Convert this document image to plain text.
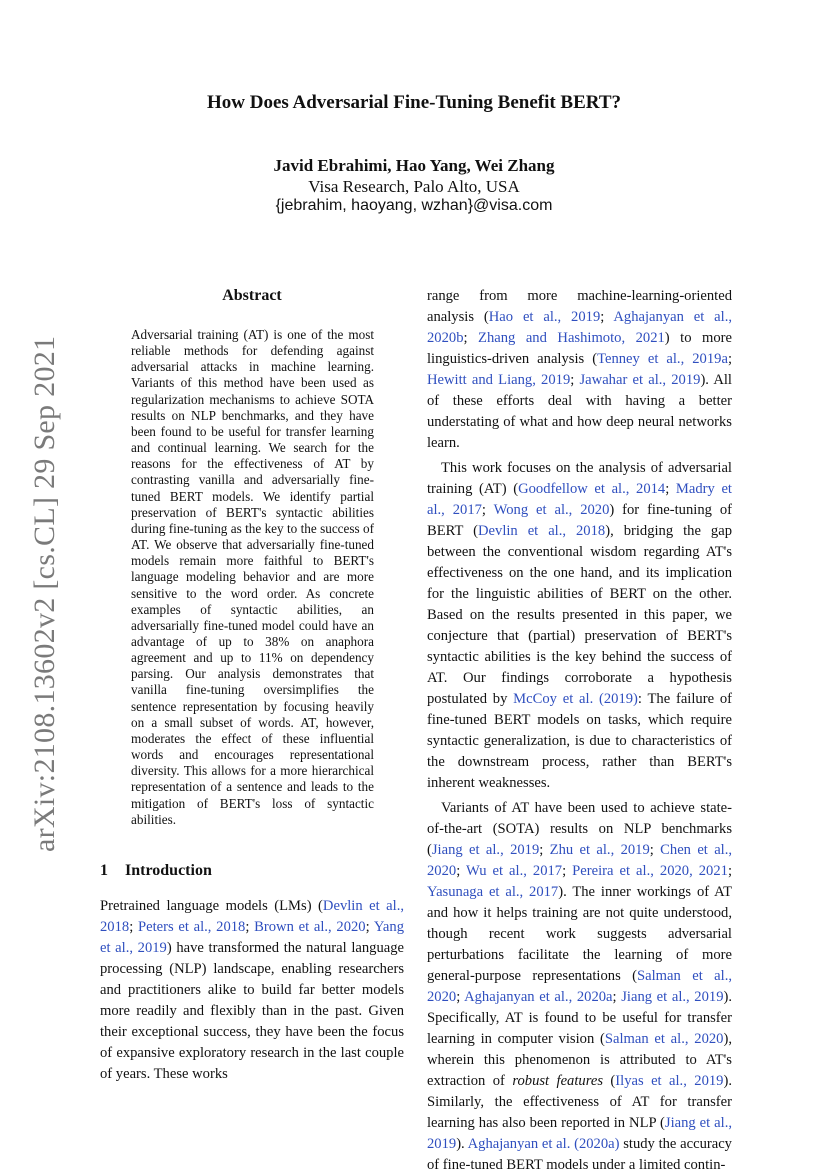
How Does Adversarial Fine-Tuning Benefit BERT?
Javid Ebrahimi, Hao Yang, Wei Zhang
Visa Research, Palo Alto, USA
{jebrahim, haoyang, wzhan}@visa.com
arXiv:2108.13602v2 [cs.CL] 29 Sep 2021
Abstract

Adversarial training (AT) is one of the most reliable methods for defending against adversarial attacks in machine learning. Variants of this method have been used as regularization mechanisms to achieve SOTA results on NLP benchmarks, and they have been found to be useful for transfer learning and continual learning. We search for the reasons for the effectiveness of AT by contrasting vanilla and adversarially fine-tuned BERT models. We identify partial preservation of BERT's syntactic abilities during fine-tuning as the key to the success of AT. We observe that adversarially fine-tuned models remain more faithful to BERT's language modeling behavior and are more sensitive to the word order. As concrete examples of syntactic abilities, an adversarially fine-tuned model could have an advantage of up to 38% on anaphora agreement and up to 11% on dependency parsing. Our analysis demonstrates that vanilla fine-tuning oversimplifies the sentence representation by focusing heavily on a small subset of words. AT, however, moderates the effect of these influential words and encourages representational diversity. This allows for a more hierarchical representation of a sentence and leads to the mitigation of BERT's loss of syntactic abilities.

1 Introduction

Pretrained language models (LMs) (Devlin et al., 2018; Peters et al., 2018; Brown et al., 2020; Yang et al., 2019) have transformed the natural language processing (NLP) landscape, enabling researchers and practitioners alike to build far better models more readily and flexibly than in the past. Given their exceptional success, they have been the focus of expansive exploratory research in the last couple of years. These works

range from more machine-learning-oriented analysis (Hao et al., 2019; Aghajanyan et al., 2020b; Zhang and Hashimoto, 2021) to more linguistics-driven analysis (Tenney et al., 2019a; Hewitt and Liang, 2019; Jawahar et al., 2019). All of these efforts deal with having a better understating of what and how deep neural networks learn.

This work focuses on the analysis of adversarial training (AT) (Goodfellow et al., 2014; Madry et al., 2017; Wong et al., 2020) for fine-tuning of BERT (Devlin et al., 2018), bridging the gap between the conventional wisdom regarding AT's effectiveness on the one hand, and its implication for the linguistic abilities of BERT on the other. Based on the results presented in this paper, we conjecture that (partial) preservation of BERT's syntactic abilities is the key behind the success of AT. Our findings corroborate a hypothesis postulated by McCoy et al. (2019): The failure of fine-tuned BERT models on tasks, which require syntactic generalization, is due to characteristics of the downstream process, rather than BERT's inherent weaknesses.

Variants of AT have been used to achieve state-of-the-art (SOTA) results on NLP benchmarks (Jiang et al., 2019; Zhu et al., 2019; Chen et al., 2020; Wu et al., 2017; Pereira et al., 2020, 2021; Yasunaga et al., 2017). The inner workings of AT and how it helps training are not quite understood, though recent work suggests adversarial perturbations facilitate the learning of more general-purpose representations (Salman et al., 2020; Aghajanyan et al., 2020a; Jiang et al., 2019). Specifically, AT is found to be useful for transfer learning in computer vision (Salman et al., 2020), wherein this phenomenon is attributed to AT's extraction of robust features (Ilyas et al., 2019). Similarly, the effectiveness of AT for transfer learning has also been reported in NLP (Jiang et al., 2019). Aghajanyan et al. (2020a) study the accuracy of fine-tuned BERT models under a limited contin-
